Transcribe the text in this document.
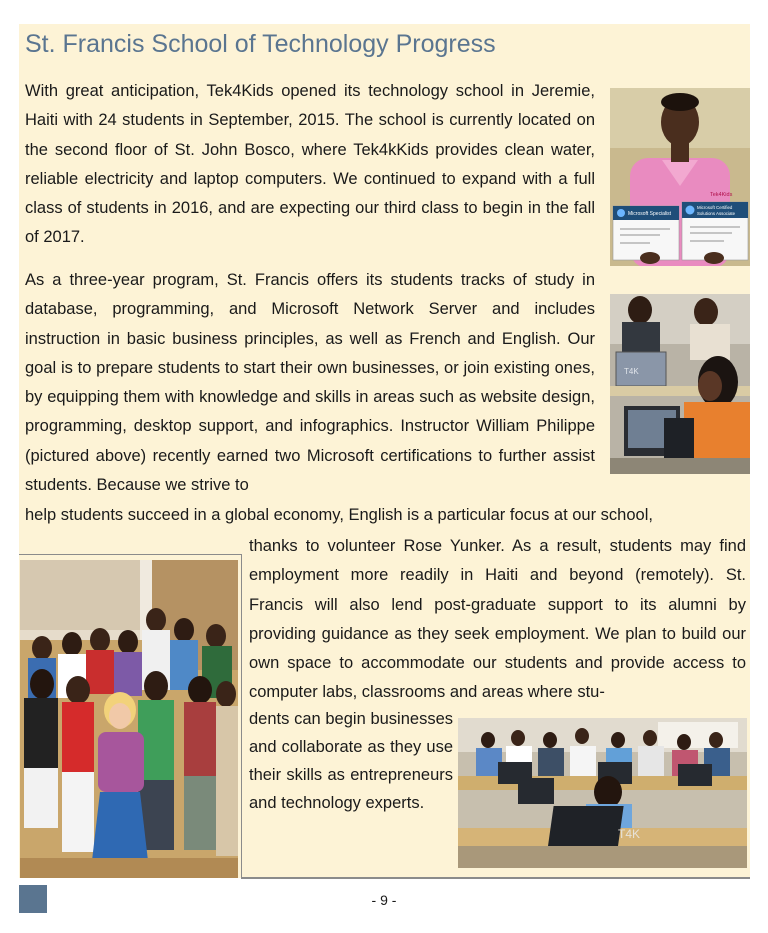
St. Francis School of Technology Progress

With great anticipation, Tek4Kids opened its technology school in Jeremie, Haiti with 24 students in September, 2015. The school is currently located on the second floor of St. John Bosco, where Tek4kKids provides clean water, reliable electricity and laptop computers. We continued to expand with a full class of students in 2016, and are expecting our third class to begin in the fall of 2017.

As a three-year program, St. Francis offers its students tracks of study in database, programming, and Microsoft Network Server and includes instruction in basic business principles, as well as French and English. Our goal is to prepare students to start their own businesses, or join existing ones, by equipping them with knowledge and skills in areas such as website design, programming, desktop support, and infographics. Instructor William Philippe (pictured above) recently earned two Microsoft certifications to further assist students. Because we strive to

help students succeed in a global economy, English is a particular focus at our school,

thanks to volunteer Rose Yunker. As a result, students may find employment more readily in Haiti and beyond (remotely). St. Francis will also lend post-graduate support to its alumni by providing guidance as they seek employment. We plan to build our own space to accommodate our students and provide access to computer labs, classrooms and areas where stu-

dents can begin businesses and collaborate as they use their skills as entrepreneurs and technology experts.

Tek4Kids
Microsoft Specialist
Microsoft Certified
Solutions Associate
T4K
T4K
- 9 -
